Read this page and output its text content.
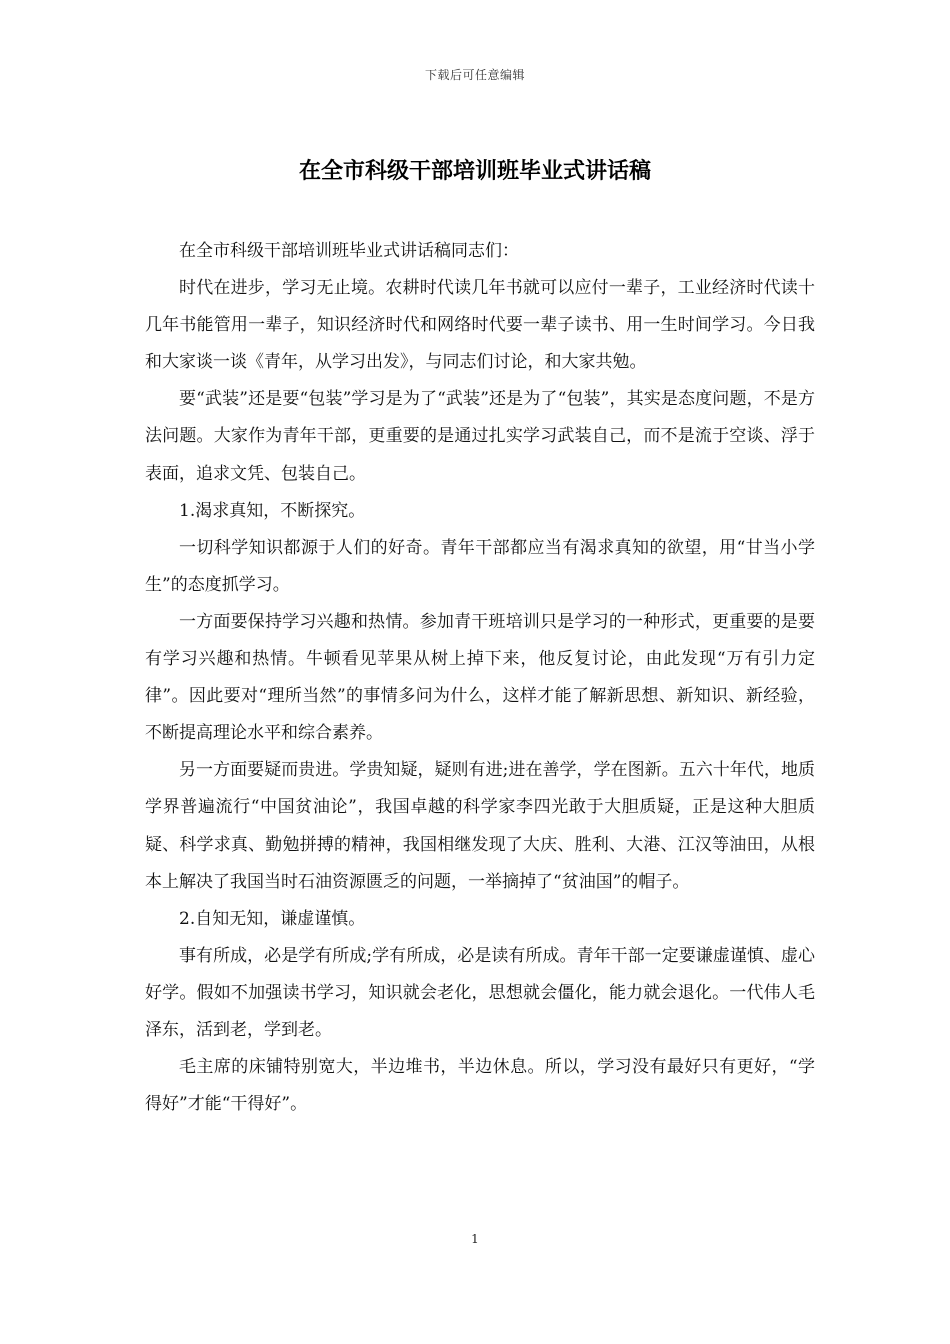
下载后可任意编辑
在全市科级干部培训班毕业式讲话稿

在全市科级干部培训班毕业式讲话稿同志们：

时代在进步，学习无止境。农耕时代读几年书就可以应付一辈子，工业经济时代读十几年书能管用一辈子，知识经济时代和网络时代要一辈子读书、用一生时间学习。今日我和大家谈一谈《青年，从学习出发》，与同志们讨论，和大家共勉。

要“武装”还是要“包装”学习是为了“武装”还是为了“包装”，其实是态度问题，不是方法问题。大家作为青年干部，更重要的是通过扎实学习武装自己，而不是流于空谈、浮于表面，追求文凭、包装自己。

1.渴求真知，不断探究。

一切科学知识都源于人们的好奇。青年干部都应当有渴求真知的欲望，用“甘当小学生”的态度抓学习。

一方面要保持学习兴趣和热情。参加青干班培训只是学习的一种形式，更重要的是要有学习兴趣和热情。牛顿看见苹果从树上掉下来，他反复讨论，由此发现“万有引力定律”。因此要对“理所当然”的事情多问为什么，这样才能了解新思想、新知识、新经验，不断提高理论水平和综合素养。

另一方面要疑而贵进。学贵知疑，疑则有进;进在善学，学在图新。五六十年代，地质学界普遍流行“中国贫油论”，我国卓越的科学家李四光敢于大胆质疑，正是这种大胆质疑、科学求真、勤勉拼搏的精神，我国相继发现了大庆、胜利、大港、江汉等油田，从根本上解决了我国当时石油资源匮乏的问题，一举摘掉了“贫油国”的帽子。

2.自知无知，谦虚谨慎。

事有所成，必是学有所成;学有所成，必是读有所成。青年干部一定要谦虚谨慎、虚心好学。假如不加强读书学习，知识就会老化，思想就会僵化，能力就会退化。一代伟人毛泽东，活到老，学到老。

毛主席的床铺特别宽大，半边堆书，半边休息。所以，学习没有最好只有更好，“学得好”才能“干得好”。

1
